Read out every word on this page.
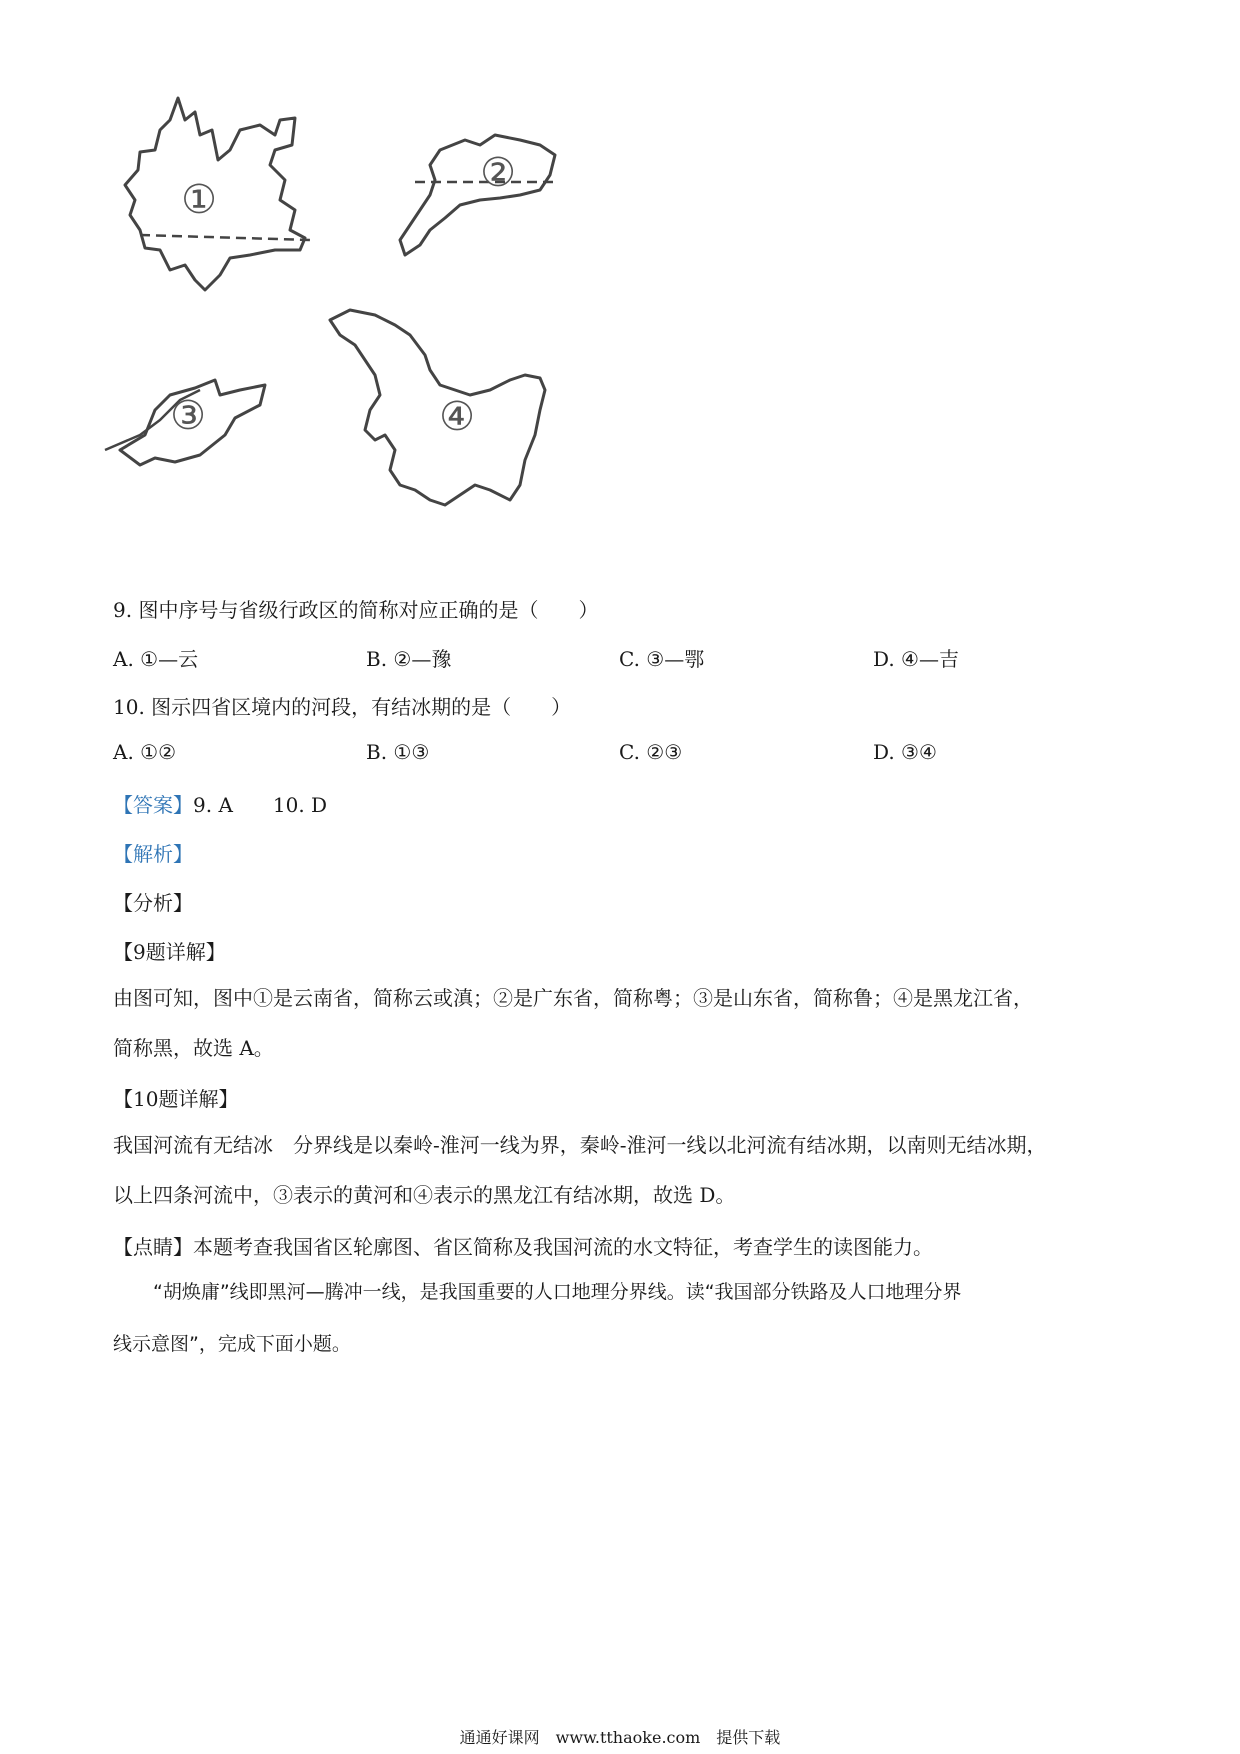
①
②
③	④
9. 图中序号与省级行政区的简称对应正确的是（　　）
A. ①—云	B. ②—豫	C. ③—鄂	D. ④—吉
10. 图示四省区境内的河段，有结冰期的是（　　）
A. ①②	B. ①③	C. ②③	D. ③④
【答案】9. A　　10. D
【解析】
【分析】
【9题详解】

由图可知，图中①是云南省，简称云或滇；②是广东省，简称粤；③是山东省，简称鲁；④是黑龙江省，

简称黑，故选 A。

【10题详解】

我国河流有无结冰　分界线是以秦岭-淮河一线为界，秦岭-淮河一线以北河流有结冰期，以南则无结冰期，

以上四条河流中，③表示的黄河和④表示的黑龙江有结冰期，故选 D。

【点睛】本题考查我国省区轮廓图、省区简称及我国河流的水文特征，考查学生的读图能力。

“胡焕庸”线即黑河—腾冲一线，是我国重要的人口地理分界线。读“我国部分铁路及人口地理分界

线示意图”，完成下面小题。

通通好课网　www.tthaoke.com　提供下载
